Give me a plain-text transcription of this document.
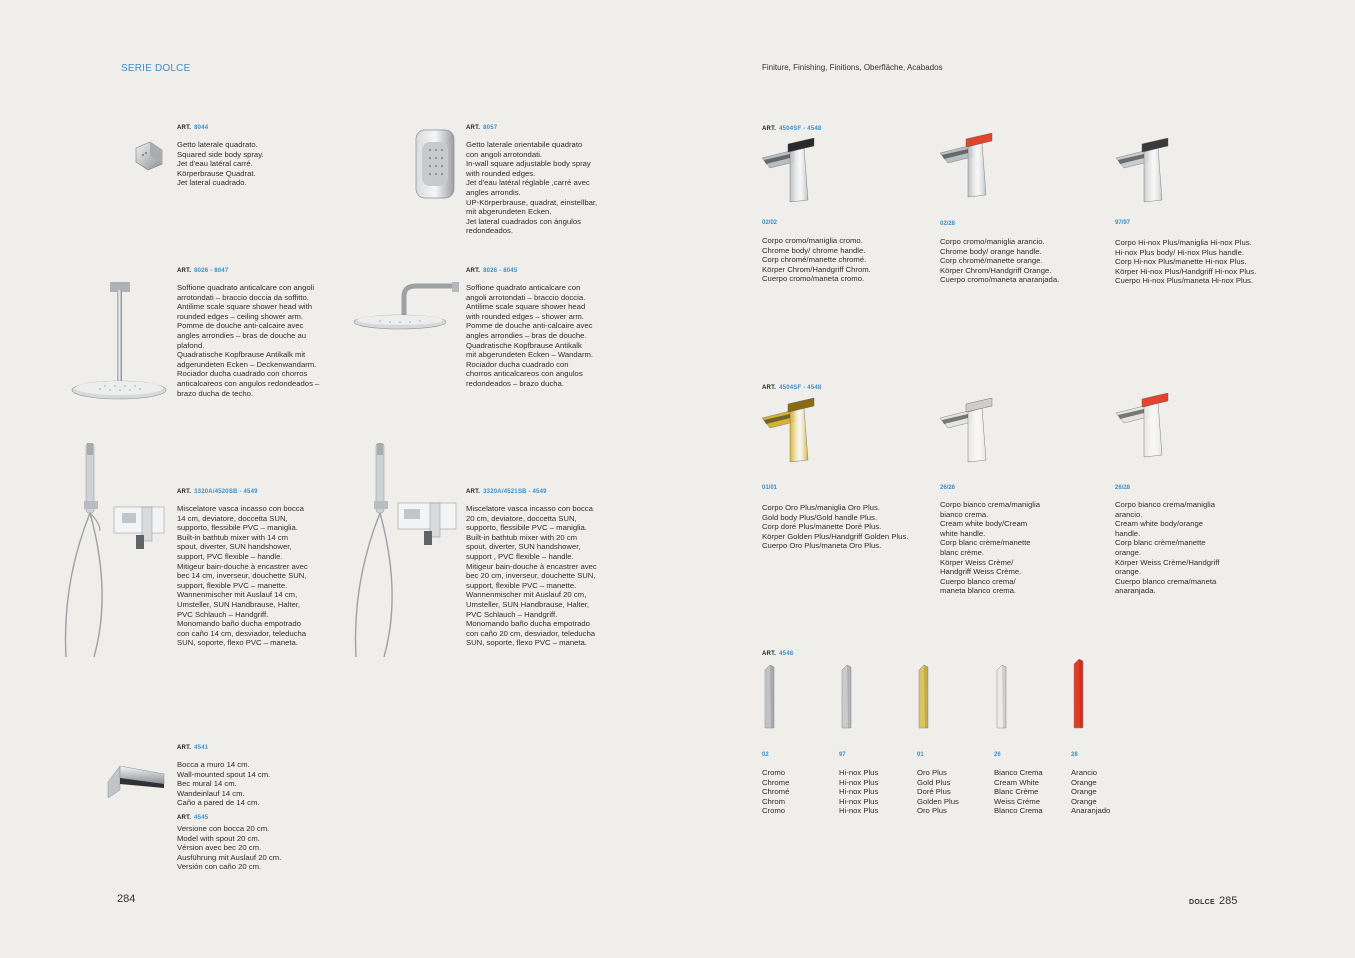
SERIE DOLCE	Finiture, Finishing, Finitions, Oberfläche, Acabados
ART. 8044
Getto laterale quadrato.
Squared side body spray.
Jet d'eau latéral carré.
Körperbrause Quadrat.
Jet lateral cuadrado.
ART. 8057
Getto laterale orientabile quadrato
con angoli arrotondati.
In-wall square adjustable body spray
with rounded edges.
Jet d'eau latéral réglable ,carré avec
angles arrondis.
UP-Körperbrause, quadrat, einstellbar,
mit abgerundeten Ecken.
Jet lateral cuadrados con ángulos
redondeados.
ART. 8026 - 8047
Soffione quadrato anticalcare con angoli
arrotondati – braccio doccia da soffitto.
Antilime scale square shower head with
rounded edges – ceiling shower arm.
Pomme de douche anti-calcaire avec
angles arrondies – bras de douche au
plafond.
Quadratische Kopfbrause Antikalk mit
adgerundeten Ecken – Deckenwandarm.
Rociador ducha cuadrado con chorros
anticalcareos con angulos redondeados –
brazo ducha de techo.
ART. 8026 - 8045
Soffione quadrato anticalcare con
angoli arrotondati – braccio doccia.
Antilime scale square shower head
with rounded edges – shower arm.
Pomme de douche anti-calcaire avec
angles arrondies – bras de douche.
Quadratische Kopfbrause Antikalk
mit abgerundeten Ecken – Wandarm.
Rociador ducha cuadrado con
chorros anticalcareos con angulos
redondeados – brazo ducha.
ART. 3320A/4520SB - 4549
Miscelatore vasca incasso con bocca
14 cm, deviatore, doccetta SUN,
supporto, flessibile PVC – maniglia.
Built-in bathtub mixer with 14 cm
spout, diverter, SUN handshower,
support, PVC flexible – handle.
Mitigeur bain-douche à encastrer avec
bec 14 cm, inverseur, douchette SUN,
support, flexible PVC – manette.
Wannenmischer mit Auslauf 14 cm,
Umsteller, SUN Handbrause, Halter,
PVC Schlauch – Handgriff.
Monomando baño ducha empotrado
con caño 14 cm, desviador, teleducha
SUN, soporte, flexo PVC – maneta.
ART. 3320A/4521SB - 4549
Miscelatore vasca incasso con bocca
20 cm, deviatore, doccetta SUN,
supporto, flessibile PVC – maniglia.
Built-in bathtub mixer with 20 cm
spout, diverter, SUN handshower,
support , PVC flexible – handle.
Mitigeur bain-douche à encastrer avec
bec 20 cm, inverseur, douchette SUN,
support, flexible PVC – manette.
Wannenmischer mit Auslauf 20 cm,
Umsteller, SUN Handbrause, Halter,
PVC Schlauch – Handgriff.
Monomando baño ducha empotrado
con caño 20 cm, desviador, teleducha
SUN, soporte, flexo PVC – maneta.
ART. 4541
Bocca a muro 14 cm.
Wall-mounted spout 14 cm.
Bec mural 14 cm.
Wandeinlauf 14 cm.
Caño a pared de 14 cm.
ART. 4545
Versione con bocca 20 cm.
Model with spout 20 cm.
Vérsion avec bec 20 cm.
Ausführung mit Auslauf 20 cm.
Versión con caño 20 cm.
284
ART. 4504SF - 4548
02/02
Corpo cromo/maniglia cromo.
Chrome body/ chrome handle.
Corp chromé/manette chromé.
Körper Chrom/Handgriff Chrom.
Cuerpo cromo/maneta cromo.
02/28
Corpo cromo/maniglia arancio.
Chrome body/ orange handle.
Corp chromé/manette orange.
Körper Chrom/Handgriff Orange.
Cuerpo cromo/maneta anaranjada.
97/97
Corpo Hi-nox Plus/maniglia Hi-nox Plus.
Hi-nox Plus body/ Hi-nox Plus handle.
Corp Hi-nox Plus/manette Hi-nox Plus.
Körper Hi-nox Plus/Handgriff Hi-nox Plus.
Cuerpo Hi-nox Plus/maneta Hi-nox Plus.
ART. 4504SF - 4548
01/01
Corpo Oro Plus/maniglia Oro Plus.
Gold body Plus/Gold handle Plus.
Corp doré Plus/manette Doré Plus.
Körper Golden Plus/Handgriff Golden Plus.
Cuerpo Oro Plus/maneta Oro Plus.
26/26
Corpo bianco crema/maniglia
bianco crema.
Cream white body/Cream
white handle.
Corp blanc crème/manette
blanc crème.
Körper Weiss Crème/
Handgriff Weiss Crème.
Cuerpo blanco crema/
maneta blanco crema.
26/28
Corpo bianco crema/maniglia
arancio.
Cream white body/orange
handle.
Corp blanc crème/manette
orange.
Körper Weiss Crème/Handgriff
orange.
Cuerpo blanco crema/maneta
anaranjada.
ART. 4548
02
Cromo
Chrome
Chromé
Chrom
Cromo
97
Hi-nox Plus
Hi-nox Plus
Hi-nox Plus
Hi-nox Plus
Hi-nox Plus
01
Oro Plus
Gold Plus
Doré Plus
Golden Plus
Oro Plus
26
Bianco Crema
Cream White
Blanc Crème
Weiss Créme
Blanco Crema
28
Arancio
Orange
Orange
Orange
Anaranjado
DOLCE 285
